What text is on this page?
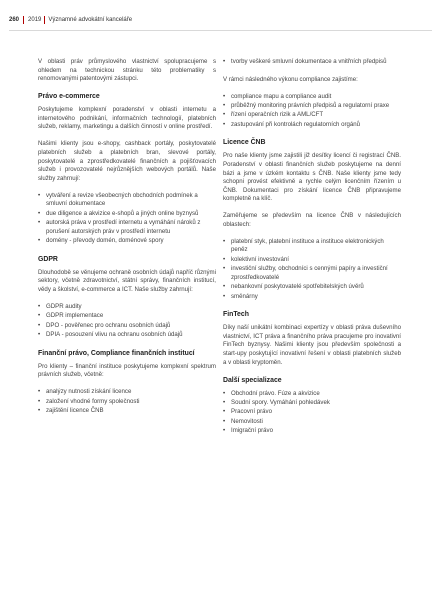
260 2019 Významné advokátní kanceláře

V oblasti práv průmyslového vlastnictví spolupracujeme s ohledem na technickou stránku této problematiky s renomovanými patentovými zástupci.

Právo e-commerce

Poskytujeme komplexní poradenství v oblasti internetu a internetového podnikání, informačních technologií, platebních služeb, reklamy, marketingu a dalších činností v online prostředí.

Našimi klienty jsou e-shopy, cashback portály, poskytovatelé platebních služeb a platebních bran, slevové portály, poskytovatelé a zprostředkovatelé finančních a pojišťovacích služeb i provozovatelé nejrůznějších webových portálů. Naše služby zahrnují:

• vytváření a revize všeobecných obchodních podmínek a smluvní dokumentace
• due diligence a akvizice e-shopů a jiných online byznysů
• autorská práva v prostředí internetu a vymáhání nároků z porušení autorských práv v prostředí internetu
• domény - převody domén, doménové spory
GDPR

Dlouhodobě se věnujeme ochraně osobních údajů napříč různými sektory, včetně zdravotnictví, státní správy, finančních institucí, vědy a školství, e-commerce a ICT. Naše služby zahrnují:

• GDPR audity
• GDPR implementace
• DPO - pověřenec pro ochranu osobních údajů
• DPIA - posouzení vlivu na ochranu osobních údajů
Finanční právo, Compliance finančních institucí

Pro klienty – finanční instituce poskytujeme komplexní spektrum právních služeb, včetně:

• analýzy nutnosti získání licence
• založení vhodné formy společnosti
• zajištění licence ČNB
• tvorby veškeré smluvní dokumentace a vnitřních předpisů

V rámci následného výkonu compliance zajistíme:

• compliance mapu a compliance audit
• průběžný monitoring právních předpisů a regulatorní praxe
• řízení operačních rizik a AML/CFT
• zastupování při kontrolách regulatorních orgánů
Licence ČNB

Pro naše klienty jsme zajistili již desítky licencí či registrací ČNB. Poradenství v oblasti finančních služeb poskytujeme na denní bázi a jsme v úzkém kontaktu s ČNB. Naše klienty jsme tedy schopni provést efektivně a rychle celým licenčním řízením u ČNB. Dokumentaci pro získání licence ČNB připravujeme kompletně na klíč.

Zaměřujeme se především na licence ČNB v následujících oblastech:

• platební styk, platební instituce a instituce elektronických peněz
• kolektivní investování
• investiční služby, obchodníci s cennými papíry a investiční zprostředkovatelé
• nebankovní poskytovatelé spotřebitelských úvěrů
• směnárny
FinTech

Díky naší unikátní kombinaci expertízy v oblasti práva duševního vlastnictví, ICT práva a finančního práva pracujeme pro inovativní FinTech byznysy. Našimi klienty jsou především společnosti a start-upy poskytující inovativní řešení v oblasti platebních služeb a v oblasti kryptoměn.

Další specializace
• Obchodní právo. Fúze a akvizice
• Soudní spory. Vymáhání pohledávek
• Pracovní právo
• Nemovitosti
• Imigrační právo
